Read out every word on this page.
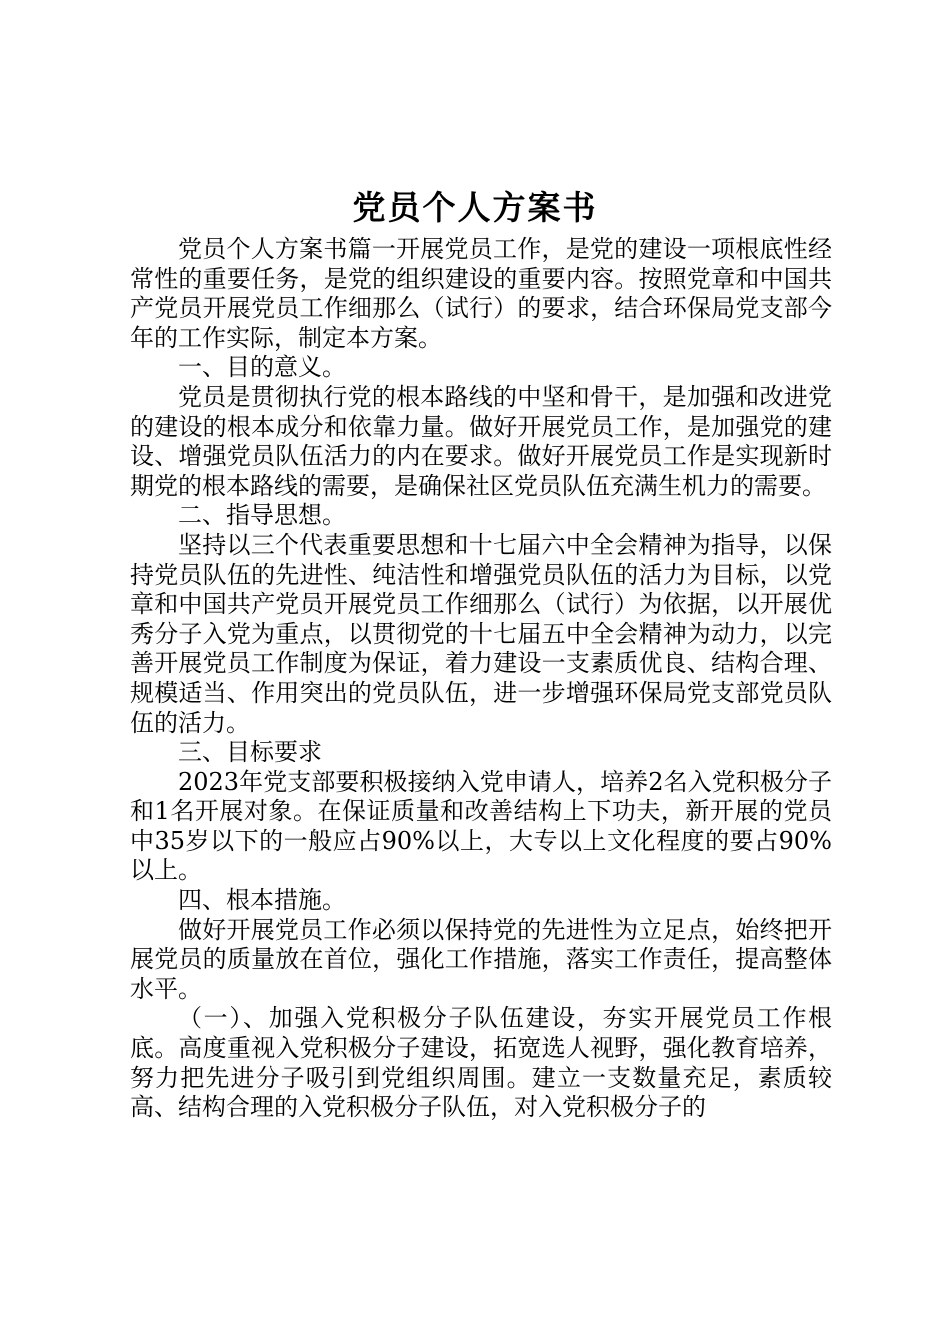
党员个人方案书

党员个人方案书篇一开展党员工作，是党的建设一项根底性经常性的重要任务，是党的组织建设的重要内容。按照党章和中国共产党员开展党员工作细那么（试行）的要求，结合环保局党支部今年的工作实际，制定本方案。

一、目的意义。

党员是贯彻执行党的根本路线的中坚和骨干，是加强和改进党的建设的根本成分和依靠力量。做好开展党员工作，是加强党的建设、增强党员队伍活力的内在要求。做好开展党员工作是实现新时期党的根本路线的需要，是确保社区党员队伍充满生机力的需要。

二、指导思想。

坚持以三个代表重要思想和十七届六中全会精神为指导，以保持党员队伍的先进性、纯洁性和增强党员队伍的活力为目标，以党章和中国共产党员开展党员工作细那么（试行）为依据，以开展优秀分子入党为重点，以贯彻党的十七届五中全会精神为动力，以完善开展党员工作制度为保证，着力建设一支素质优良、结构合理、规模适当、作用突出的党员队伍，进一步增强环保局党支部党员队伍的活力。

三、目标要求

2023年党支部要积极接纳入党申请人，培养2名入党积极分子和1名开展对象。在保证质量和改善结构上下功夫，新开展的党员中35岁以下的一般应占90%以上，大专以上文化程度的要占90%以上。

四、根本措施。

做好开展党员工作必须以保持党的先进性为立足点，始终把开展党员的质量放在首位，强化工作措施，落实工作责任，提高整体水平。

（一）、加强入党积极分子队伍建设，夯实开展党员工作根底。高度重视入党积极分子建设，拓宽选人视野，强化教育培养，努力把先进分子吸引到党组织周围。建立一支数量充足，素质较高、结构合理的入党积极分子队伍，对入党积极分子的
